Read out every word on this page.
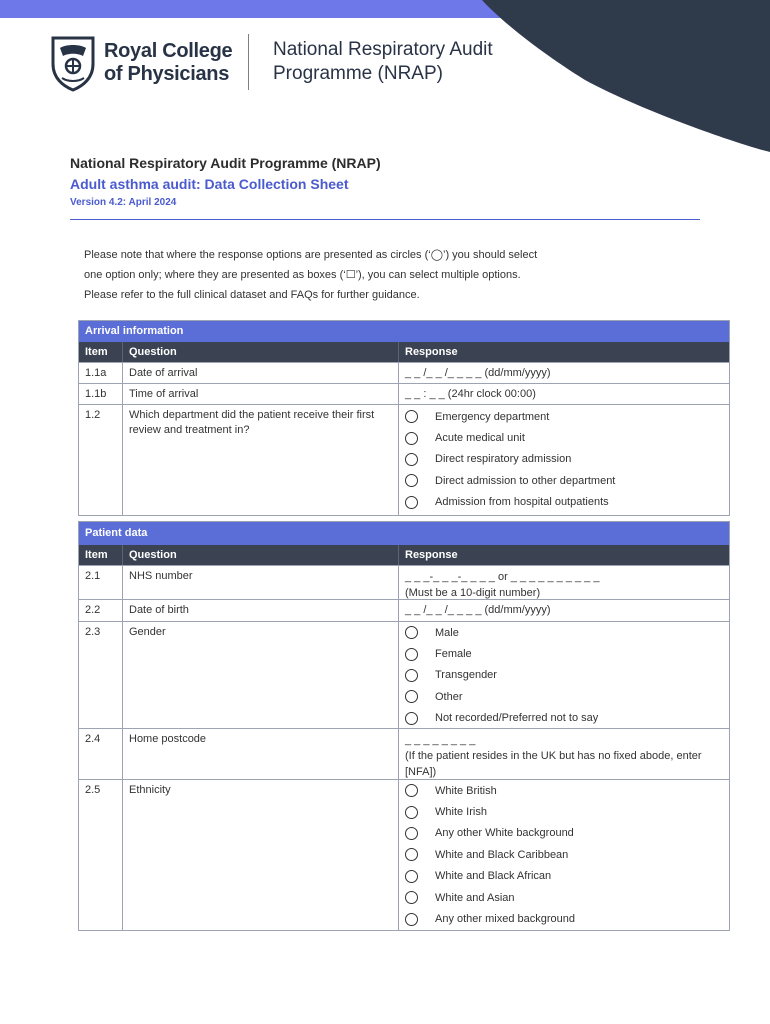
Royal College
of Physicians
National Respiratory Audit
Programme (NRAP)
National Respiratory Audit Programme (NRAP)
Adult asthma audit: Data Collection Sheet
Version 4.2: April 2024

Please note that where the response options are presented as circles (‘◯’) you should select

one option only; where they are presented as boxes (‘☐’), you can select multiple options.

Please refer to the full clinical dataset and FAQs for further guidance.

Arrival information
Item	Question	Response
1.1a	Date of arrival	_ _ /_ _ /_ _ _ _ (dd/mm/yyyy)
1.1b	Time of arrival	_ _ : _ _ (24hr clock 00:00)
1.2	Which department did the patient receive their first review and treatment in?
Emergency department
Acute medical unit
Direct respiratory admission
Direct admission to other department
Admission from hospital outpatients
Patient data
Item	Question	Response
2.1	NHS number	_ _ _-_ _ _-_ _ _ _ or _ _ _ _ _ _ _ _ _ _
(Must be a 10-digit number)
2.2	Date of birth	_ _ /_ _ /_ _ _ _ (dd/mm/yyyy)
2.3	Gender	Male
Female
Transgender
Other
Not recorded/Preferred not to say
2.4	Home postcode	_ _ _ _ _ _ _ _
(If the patient resides in the UK but has no fixed abode, enter [NFA])
2.5	Ethnicity	White British
White Irish
Any other White background
White and Black Caribbean
White and Black African
White and Asian
Any other mixed background
